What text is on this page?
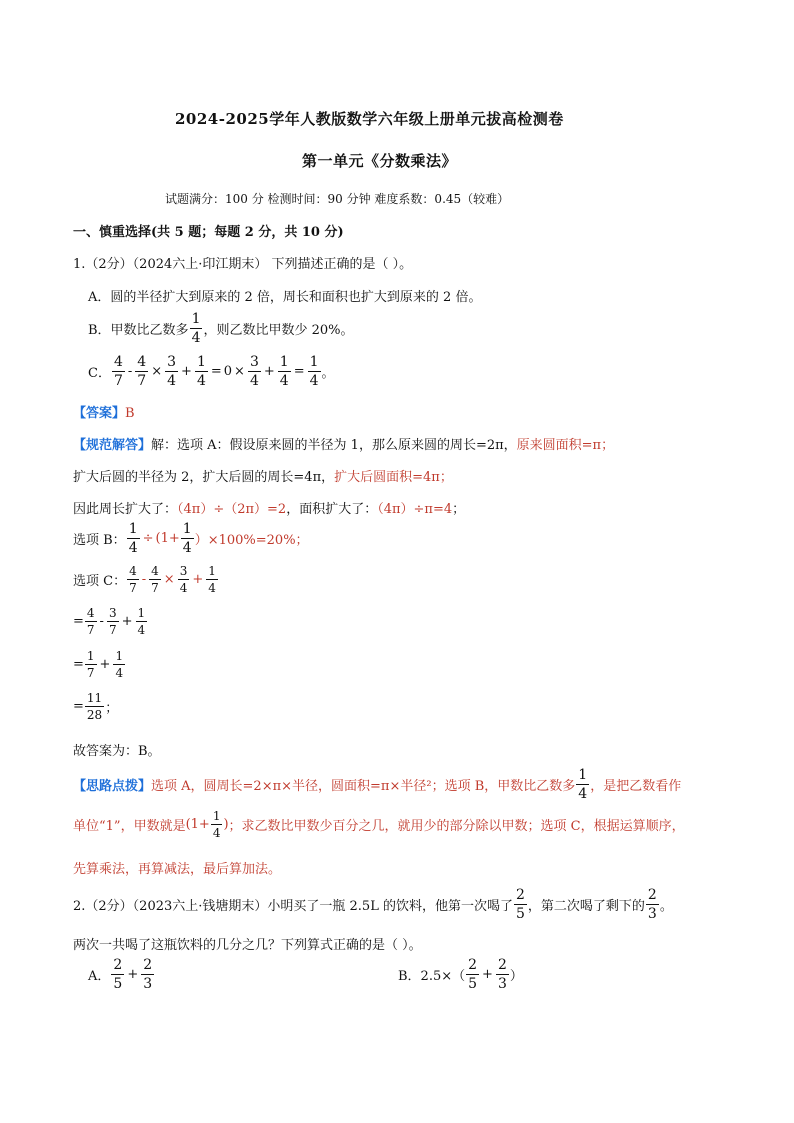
2024-2025学年人教版数学六年级上册单元拔高检测卷
第一单元《分数乘法》
试题满分：100 分 检测时间：90 分钟 难度系数：0.45（较难）
一、慎重选择(共 5 题；每题 2 分，共 10 分)
1.（2分）（2024六上·印江期末） 下列描述正确的是（ ）。
A．圆的半径扩大到原来的 2 倍，周长和面积也扩大到原来的 2 倍。
B．甲数比乙数多 $\frac{1}{4}$ ，则乙数比甲数少 20%。
C． $\frac{4}{7} - \frac{4}{7} \times \frac{3}{4} + \frac{1}{4} = 0 \times \frac{3}{4} + \frac{1}{4} = \frac{1}{4}$ 。
【答案】B
【规范解答】解：选项 A：假设原来圆的半径为 1，那么原来圆的周长=2π，原来圆面积=π；
扩大后圆的半径为 2，扩大后圆的周长=4π，扩大后圆面积=4π；
因此周长扩大了：（4π）÷（2π）=2，面积扩大了：（4π）÷π=4；
选项 B： $\frac{1}{4} \div (1+ \frac{1}{4}$ ） ×100%=20%；
选项 C： $\frac{4}{7} - \frac{4}{7} \times \frac{3}{4} + \frac{1}{4}$
= $\frac{4}{7} - \frac{3}{7} + \frac{1}{4}$
= $\frac{1}{7} + \frac{1}{4}$
= $\frac{11}{28}$ ；
故答案为：B。
【思路点拨】 选项 A，圆周长=2×π×半径，圆面积=π×半径²；选项 B，甲数比乙数多 $\frac{1}{4}$ ，是把乙数看作
单位“1”，甲数就是 ($1+ \frac{1}{4}$ ) ；求乙数比甲数少百分之几，就用少的部分除以甲数；选项 C，根据运算顺序，
先算乘法，再算减法，最后算加法。
2.（2分）（2023六上·钱塘期末）小明买了一瓶 2.5L 的饮料，他第一次喝了 $\frac{2}{5}$ ，第二次喝了剩下的 $\frac{2}{3}$ 。
两次一共喝了这瓶饮料的几分之几？下列算式正确的是（ ）。
A． $\frac{2}{5} + \frac{2}{3}$	B．$2.5\times( \frac{2}{5} + \frac{2}{3}$ ）
